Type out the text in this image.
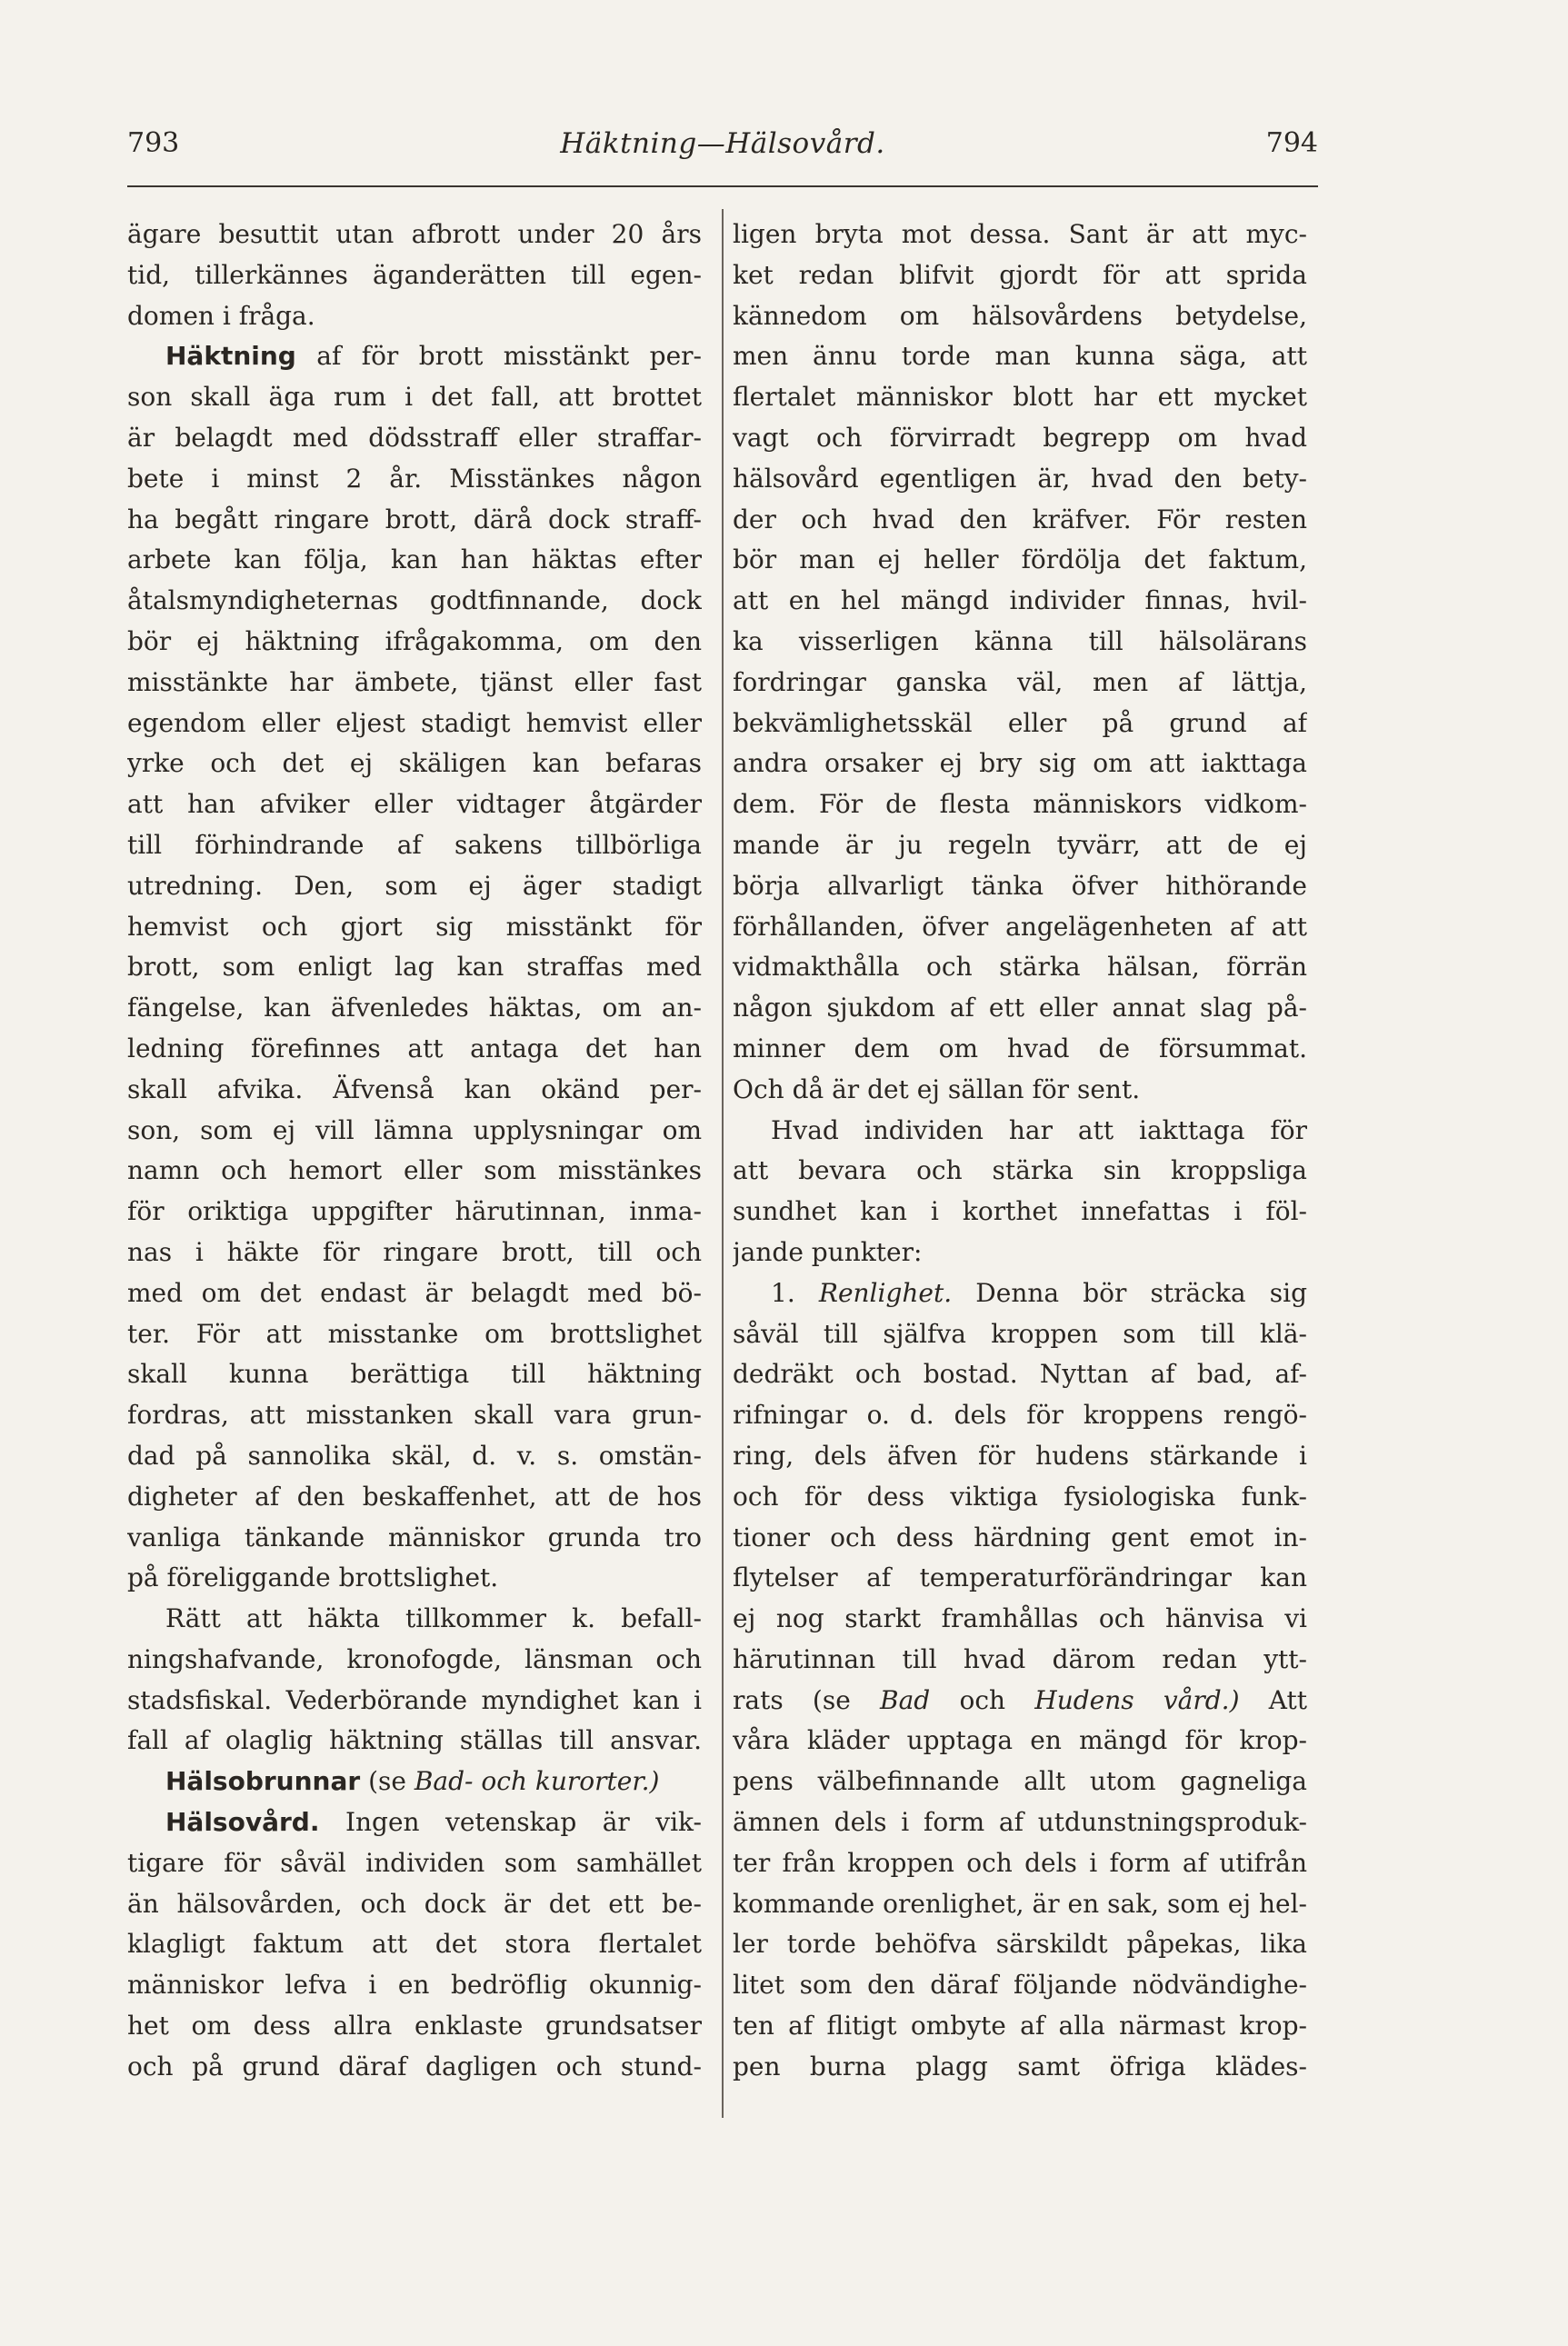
793	Häktning—Hälsovård.	794
ägare besuttit utan afbrott under 20 års
tid, tillerkännes äganderätten till egen-
domen i fråga.
Häktning af för brott misstänkt per-
son skall äga rum i det fall, att brottet
är belagdt med dödsstraff eller straffar-
bete i minst 2 år. Misstänkes någon
ha begått ringare brott, därå dock straff-
arbete kan följa, kan han häktas efter
åtalsmyndigheternas godtfinnande, dock
bör ej häktning ifrågakomma, om den
misstänkte har ämbete, tjänst eller fast
egendom eller eljest stadigt hemvist eller
yrke och det ej skäligen kan befaras
att han afviker eller vidtager åtgärder
till förhindrande af sakens tillbörliga
utredning. Den, som ej äger stadigt
hemvist och gjort sig misstänkt för
brott, som enligt lag kan straffas med
fängelse, kan äfvenledes häktas, om an-
ledning förefinnes att antaga det han
skall afvika. Äfvenså kan okänd per-
son, som ej vill lämna upplysningar om
namn och hemort eller som misstänkes
för oriktiga uppgifter härutinnan, inma-
nas i häkte för ringare brott, till och
med om det endast är belagdt med bö-
ter. För att misstanke om brottslighet
skall kunna berättiga till häktning
fordras, att misstanken skall vara grun-
dad på sannolika skäl, d. v. s. omstän-
digheter af den beskaffenhet, att de hos
vanliga tänkande människor grunda tro
på föreliggande brottslighet.
Rätt att häkta tillkommer k. befall-
ningshafvande, kronofogde, länsman och
stadsfiskal. Vederbörande myndighet kan i
fall af olaglig häktning ställas till ansvar.
Hälsobrunnar (se Bad- och kurorter.)
Hälsovård. Ingen vetenskap är vik-
tigare för såväl individen som samhället
än hälsovården, och dock är det ett be-
klagligt faktum att det stora flertalet
människor lefva i en bedröflig okunnig-
het om dess allra enklaste grundsatser
och på grund däraf dagligen och stund-
ligen bryta mot dessa. Sant är att myc-
ket redan blifvit gjordt för att sprida
kännedom om hälsovårdens betydelse,
men ännu torde man kunna säga, att
flertalet människor blott har ett mycket
vagt och förvirradt begrepp om hvad
hälsovård egentligen är, hvad den bety-
der och hvad den kräfver. För resten
bör man ej heller fördölja det faktum,
att en hel mängd individer finnas, hvil-
ka visserligen känna till hälsolärans
fordringar ganska väl, men af lättja,
bekvämlighetsskäl eller på grund af
andra orsaker ej bry sig om att iakttaga
dem. För de flesta människors vidkom-
mande är ju regeln tyvärr, att de ej
börja allvarligt tänka öfver hithörande
förhållanden, öfver angelägenheten af att
vidmakthålla och stärka hälsan, förrän
någon sjukdom af ett eller annat slag på-
minner dem om hvad de försummat.
Och då är det ej sällan för sent.
Hvad individen har att iakttaga för
att bevara och stärka sin kroppsliga
sundhet kan i korthet innefattas i föl-
jande punkter:
1. Renlighet. Denna bör sträcka sig
såväl till själfva kroppen som till klä-
dedräkt och bostad. Nyttan af bad, af-
rifningar o. d. dels för kroppens rengö-
ring, dels äfven för hudens stärkande i
och för dess viktiga fysiologiska funk-
tioner och dess härdning gent emot in-
flytelser af temperaturförändringar kan
ej nog starkt framhållas och hänvisa vi
härutinnan till hvad därom redan ytt-
rats (se Bad och Hudens vård.) Att
våra kläder upptaga en mängd för krop-
pens välbefinnande allt utom gagneliga
ämnen dels i form af utdunstningsproduk-
ter från kroppen och dels i form af utifrån
kommande orenlighet, är en sak, som ej hel-
ler torde behöfva särskildt påpekas, lika
litet som den däraf följande nödvändighe-
ten af flitigt ombyte af alla närmast krop-
pen burna plagg samt öfriga klädes-
